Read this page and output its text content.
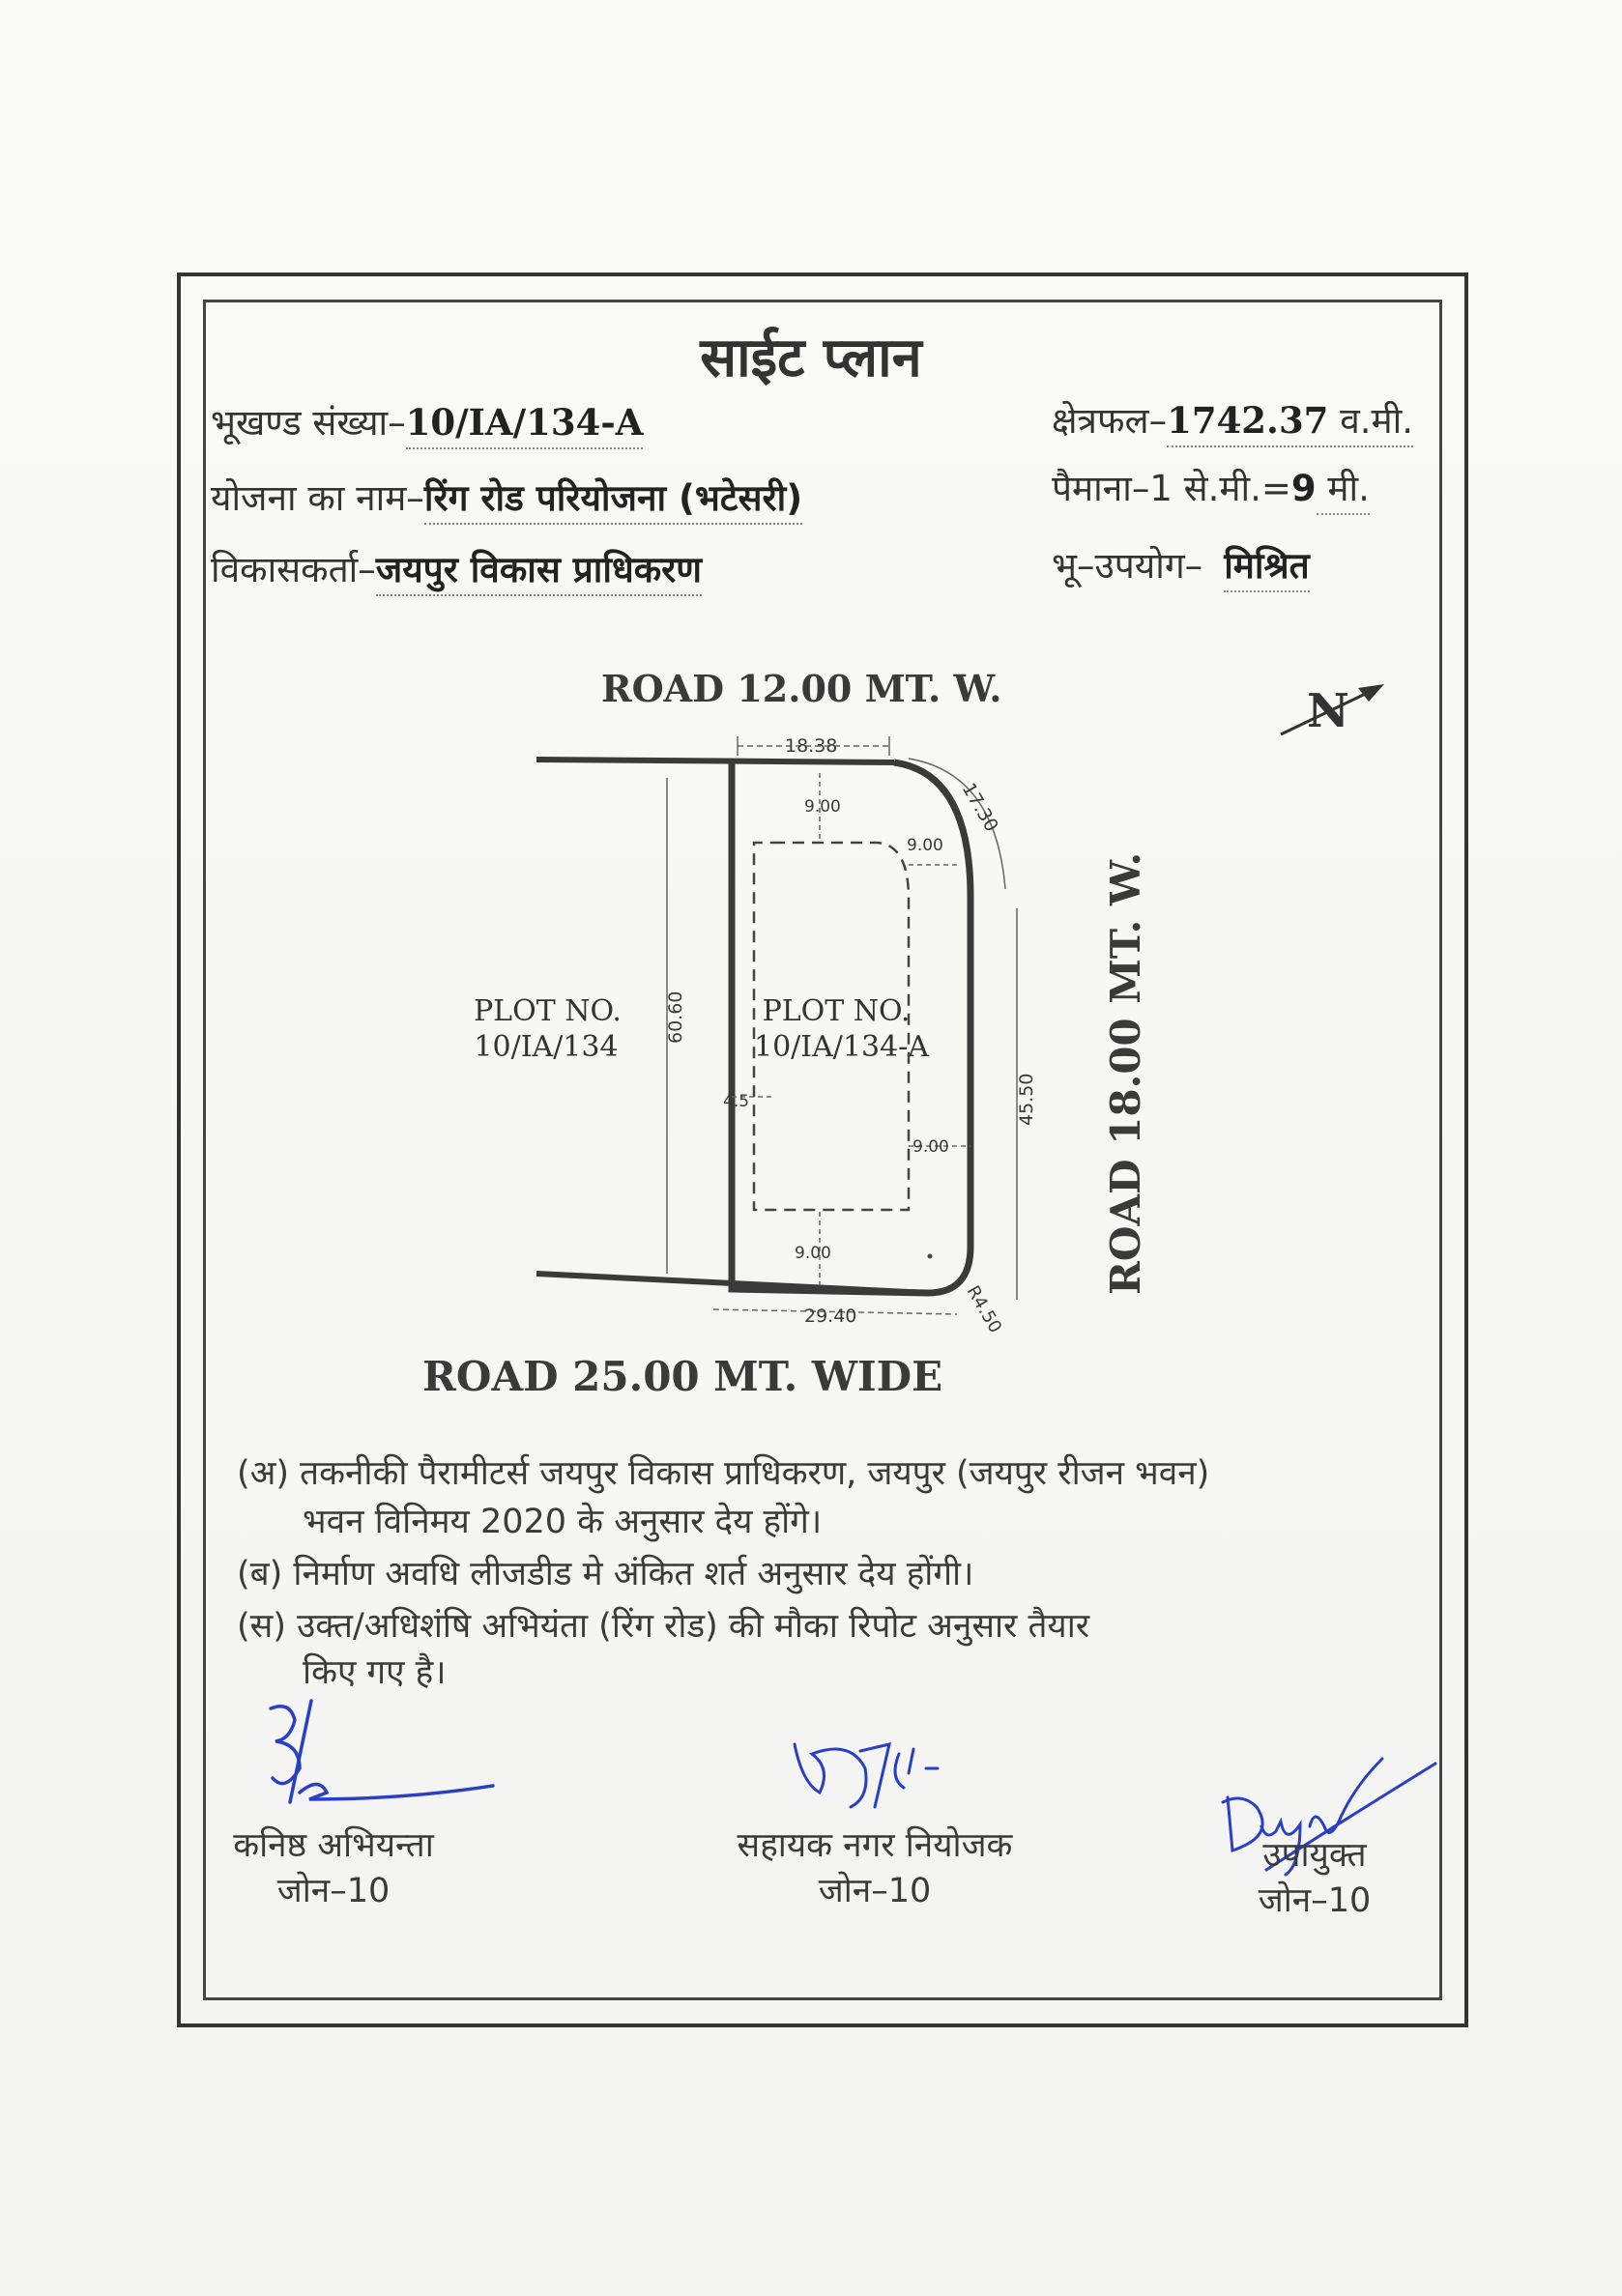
साईट प्लान
भूखण्ड संख्या–10/IA/134-A	क्षेत्रफल–1742.37 व.मी.
योजना का नाम–रिंग रोड परियोजना (भटेसरी)	पैमाना–1 से.मी.=9 मी.
विकासकर्ता–जयपुर विकास प्राधिकरण	भू–उपयोग– मिश्रित
ROAD 12.00 MT. W.
ROAD 25.00 MT. WIDE
ROAD 18.00 MT. W.
PLOT NO.
10/IA/134
PLOT NO.
10/IA/134-A
18.38
9.00
9.00
17.30
60.60
45.50
4.5
9.00
9.00
29.40	R4.50
N
(अ) तकनीकी पैरामीटर्स जयपुर विकास प्राधिकरण, जयपुर (जयपुर रीजन भवन)
भवन विनिमय 2020 के अनुसार देय होंगे।
(ब) निर्माण अवधि लीजडीड मे अंकित शर्त अनुसार देय होंगी।
(स) उक्त/अधिशंषि अभियंता (रिंग रोड) की मौका रिपोट अनुसार तैयार
किए गए है।
कनिष्ठ अभियन्ता
जोन–10
सहायक नगर नियोजक
जोन–10
उपायुक्त
जोन–10
